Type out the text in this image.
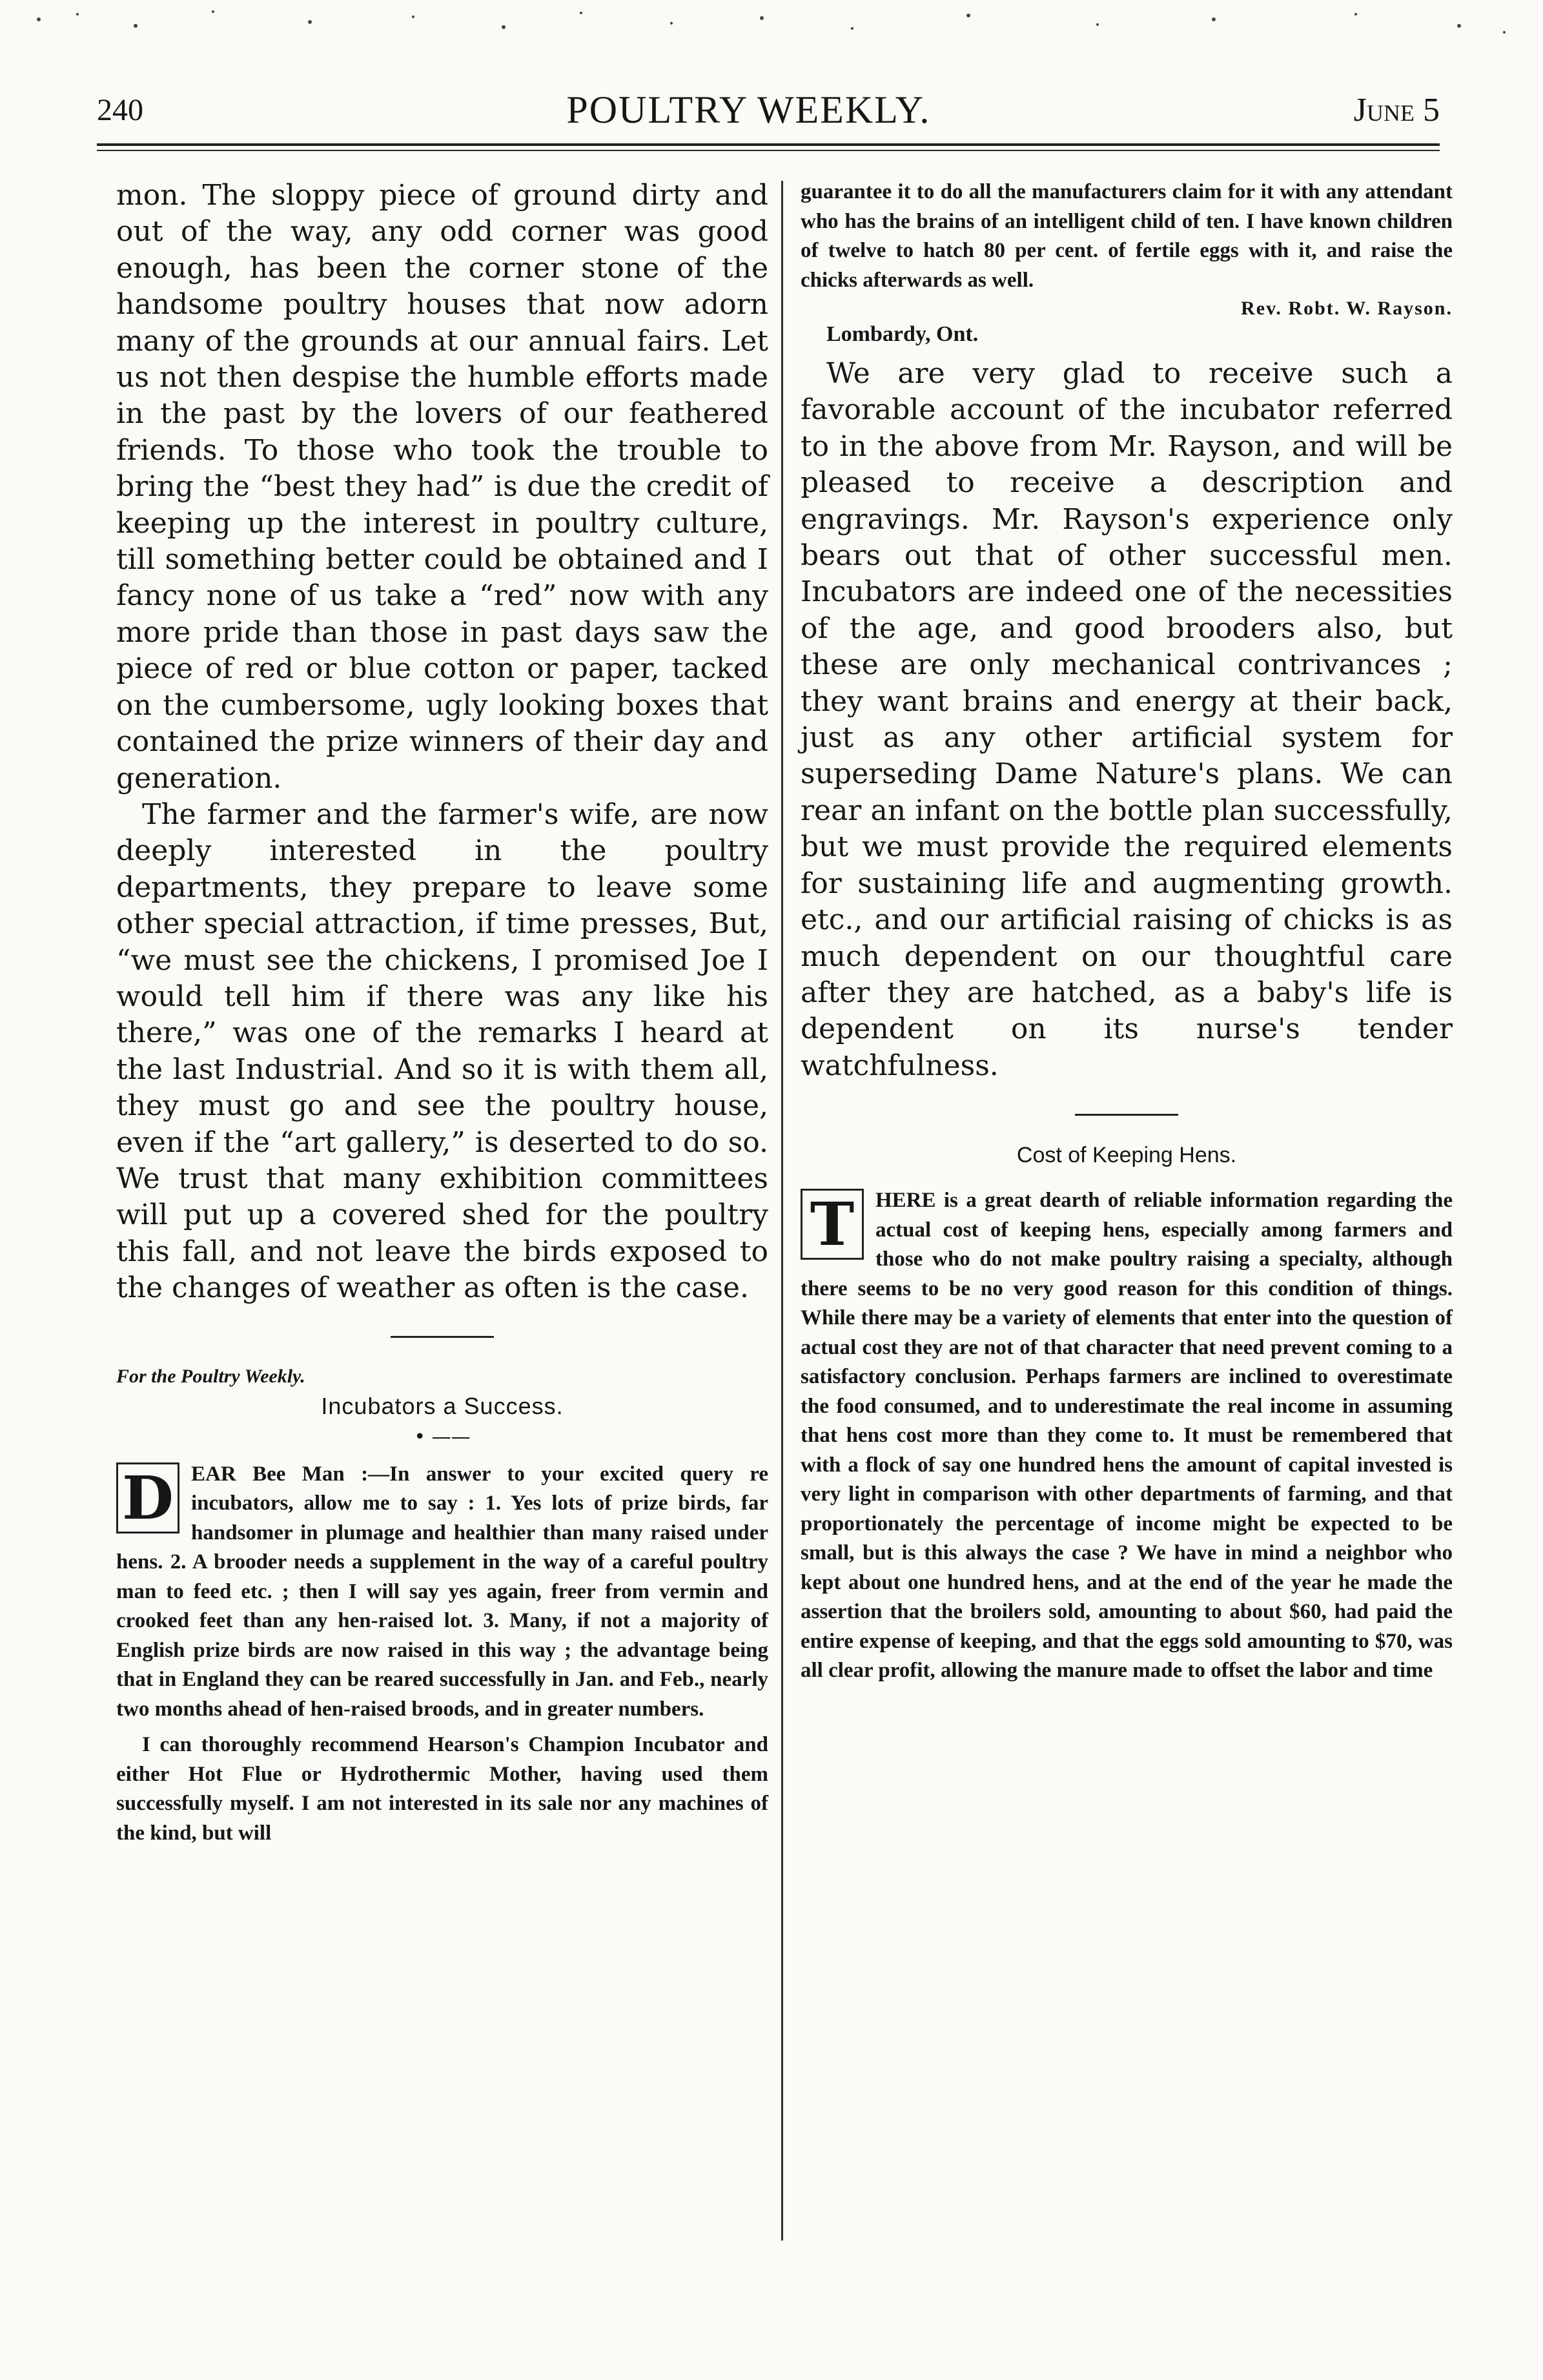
240	POULTRY WEEKLY.	June 5

mon. The sloppy piece of ground dirty and out of the way, any odd corner was good enough, has been the corner stone of the handsome poultry houses that now adorn many of the grounds at our annual fairs. Let us not then despise the humble efforts made in the past by the lovers of our feathered friends. To those who took the trouble to bring the “best they had” is due the credit of keeping up the interest in poultry culture, till something better could be obtained and I fancy none of us take a “red” now with any more pride than those in past days saw the piece of red or blue cotton or paper, tacked on the cumbersome, ugly looking boxes that contained the prize winners of their day and generation.

The farmer and the farmer's wife, are now deeply interested in the poultry departments, they prepare to leave some other special attraction, if time presses, But, “we must see the chickens, I promised Joe I would tell him if there was any like his there,” was one of the remarks I heard at the last Industrial. And so it is with them all, they must go and see the poultry house, even if the “art gallery,” is deserted to do so. We trust that many exhibition committees will put up a covered shed for the poultry this fall, and not leave the birds exposed to the changes of weather as often is the case.

For the Poultry Weekly.
Incubators a Success.
• ——
D EAR Bee Man :—In answer to your excited query re incubators, allow me to say : 1. Yes lots of prize birds, far handsomer in plumage and healthier than many raised under hens. 2. A brooder needs a supplement in the way of a careful poultry man to feed etc. ; then I will say yes again, freer from vermin and crooked feet than any hen-raised lot. 3. Many, if not a majority of English prize birds are now raised in this way ; the advantage being that in England they can be reared successfully in Jan. and Feb., nearly two months ahead of hen-raised broods, and in greater numbers.

I can thoroughly recommend Hearson's Champion Incubator and either Hot Flue or Hydrothermic Mother, having used them successfully myself. I am not interested in its sale nor any machines of the kind, but will

guarantee it to do all the manufacturers claim for it with any attendant who has the brains of an intelligent child of ten. I have known children of twelve to hatch 80 per cent. of fertile eggs with it, and raise the chicks afterwards as well.

Rev. Robt. W. Rayson.
Lombardy, Ont.

We are very glad to receive such a favorable account of the incubator referred to in the above from Mr. Rayson, and will be pleased to receive a description and engravings. Mr. Rayson's experience only bears out that of other successful men. Incubators are indeed one of the necessities of the age, and good brooders also, but these are only mechanical contrivances ; they want brains and energy at their back, just as any other artificial system for superseding Dame Nature's plans. We can rear an infant on the bottle plan successfully, but we must provide the required elements for sustaining life and augmenting growth. etc., and our artificial raising of chicks is as much dependent on our thoughtful care after they are hatched, as a baby's life is dependent on its nurse's tender watchfulness.

Cost of Keeping Hens.
T HERE is a great dearth of reliable information regarding the actual cost of keeping hens, especially among farmers and those who do not make poultry raising a specialty, although there seems to be no very good reason for this condition of things. While there may be a variety of elements that enter into the question of actual cost they are not of that character that need prevent coming to a satisfactory conclusion. Perhaps farmers are inclined to overestimate the food consumed, and to underestimate the real income in assuming that hens cost more than they come to. It must be remembered that with a flock of say one hundred hens the amount of capital invested is very light in comparison with other departments of farming, and that proportionately the percentage of income might be expected to be small, but is this always the case ? We have in mind a neighbor who kept about one hundred hens, and at the end of the year he made the assertion that the broilers sold, amounting to about $60, had paid the entire expense of keeping, and that the eggs sold amounting to $70, was all clear profit, allowing the manure made to offset the labor and time
